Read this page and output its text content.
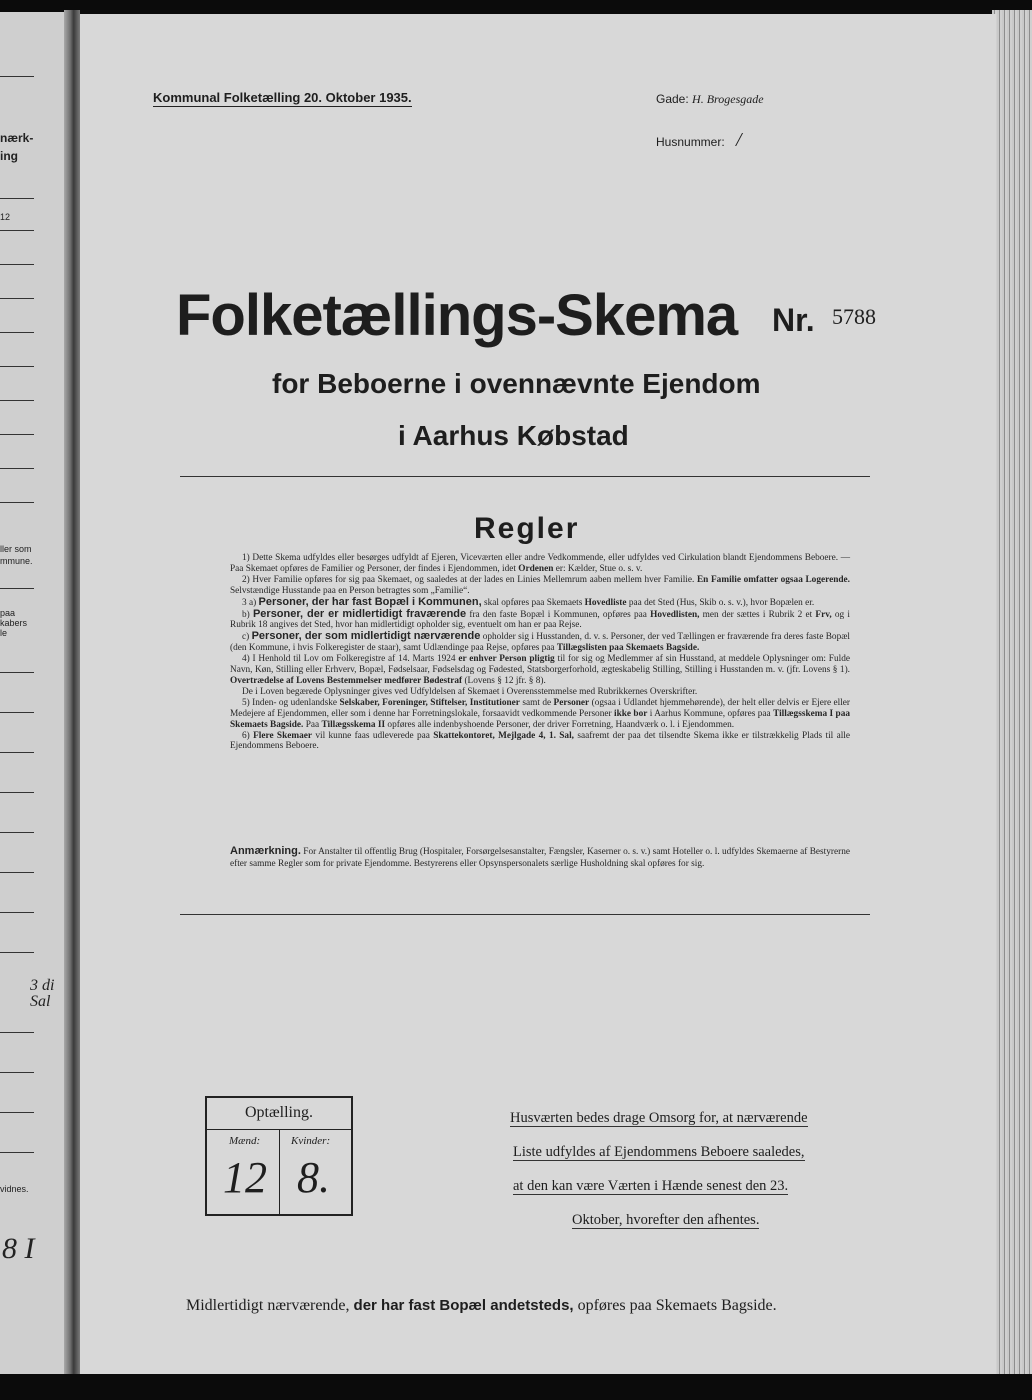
nærk-
ing
12
ller som
mmune.
paa
kabers
le
3 di
Sal
vidnes.
8 I
Kommunal Folketælling 20. Oktober 1935.	Gade: H. Brogesgade
Husnummer: /
Folketællings-Skema Nr. 5788
for Beboerne i ovennævnte Ejendom
i Aarhus Købstad
Regler

1) Dette Skema udfyldes eller besørges udfyldt af Ejeren, Viceværten eller andre Vedkommende, eller udfyldes ved Cirkulation blandt Ejendommens Beboere. — Paa Skemaet opføres de Familier og Personer, der findes i Ejendommen, idet Ordenen er: Kælder, Stue o. s. v.

2) Hver Familie opføres for sig paa Skemaet, og saaledes at der lades en Linies Mellemrum aaben mellem hver Familie. En Familie omfatter ogsaa Logerende. Selvstændige Husstande paa en Person betragtes som „Familie“.

3 a) Personer, der har fast Bopæl i Kommunen, skal opføres paa Skemaets Hovedliste paa det Sted (Hus, Skib o. s. v.), hvor Bopælen er.

b) Personer, der er midlertidigt fraværende fra den faste Bopæl i Kommunen, opføres paa Hovedlisten, men der sættes i Rubrik 2 et Frv, og i Rubrik 18 angives det Sted, hvor han midlertidigt opholder sig, eventuelt om han er paa Rejse.

c) Personer, der som midlertidigt nærværende opholder sig i Husstanden, d. v. s. Personer, der ved Tællingen er fraværende fra deres faste Bopæl (den Kommune, i hvis Folkeregister de staar), samt Udlændinge paa Rejse, opføres paa Tillægslisten paa Skemaets Bagside.

4) I Henhold til Lov om Folkeregistre af 14. Marts 1924 er enhver Person pligtig til for sig og Medlemmer af sin Husstand, at meddele Oplysninger om: Fulde Navn, Køn, Stilling eller Erhverv, Bopæl, Fødselsaar, Fødselsdag og Fødested, Statsborgerforhold, ægteskabelig Stilling, Stilling i Husstanden m. v. (jfr. Lovens § 1). Overtrædelse af Lovens Bestemmelser medfører Bødestraf (Lovens § 12 jfr. § 8).

De i Loven begærede Oplysninger gives ved Udfyldelsen af Skemaet i Overensstemmelse med Rubrikkernes Overskrifter.

5) Inden- og udenlandske Selskaber, Foreninger, Stiftelser, Institutioner samt de Personer (ogsaa i Udlandet hjemmehørende), der helt eller delvis er Ejere eller Medejere af Ejendommen, eller som i denne har Forretningslokale, forsaavidt vedkommende Personer ikke bor i Aarhus Kommune, opføres paa Tillægsskema I paa Skemaets Bagside. Paa Tillægsskema II opføres alle indenbyshoende Personer, der driver Forretning, Haandværk o. l. i Ejendommen.

6) Flere Skemaer vil kunne faas udleverede paa Skattekontoret, Mejlgade 4, 1. Sal, saafremt der paa det tilsendte Skema ikke er tilstrækkelig Plads til alle Ejendommens Beboere.

Anmærkning. For Anstalter til offentlig Brug (Hospitaler, Forsørgelsesanstalter, Fængsler, Kaserner o. s. v.) samt Hoteller o. l. udfyldes Skemaerne af Bestyrerne efter samme Regler som for private Ejendomme. Bestyrerens eller Opsynspersonalets særlige Husholdning skal opføres for sig.
Optælling.
Mænd:	Kvinder:
12 8.
Husværten bedes drage Omsorg for, at nærværende
Liste udfyldes af Ejendommens Beboere saaledes,
at den kan være Værten i Hænde senest den 23.
Oktober, hvorefter den afhentes.
Midlertidigt nærværende, der har fast Bopæl andetsteds, opføres paa Skemaets Bagside.
